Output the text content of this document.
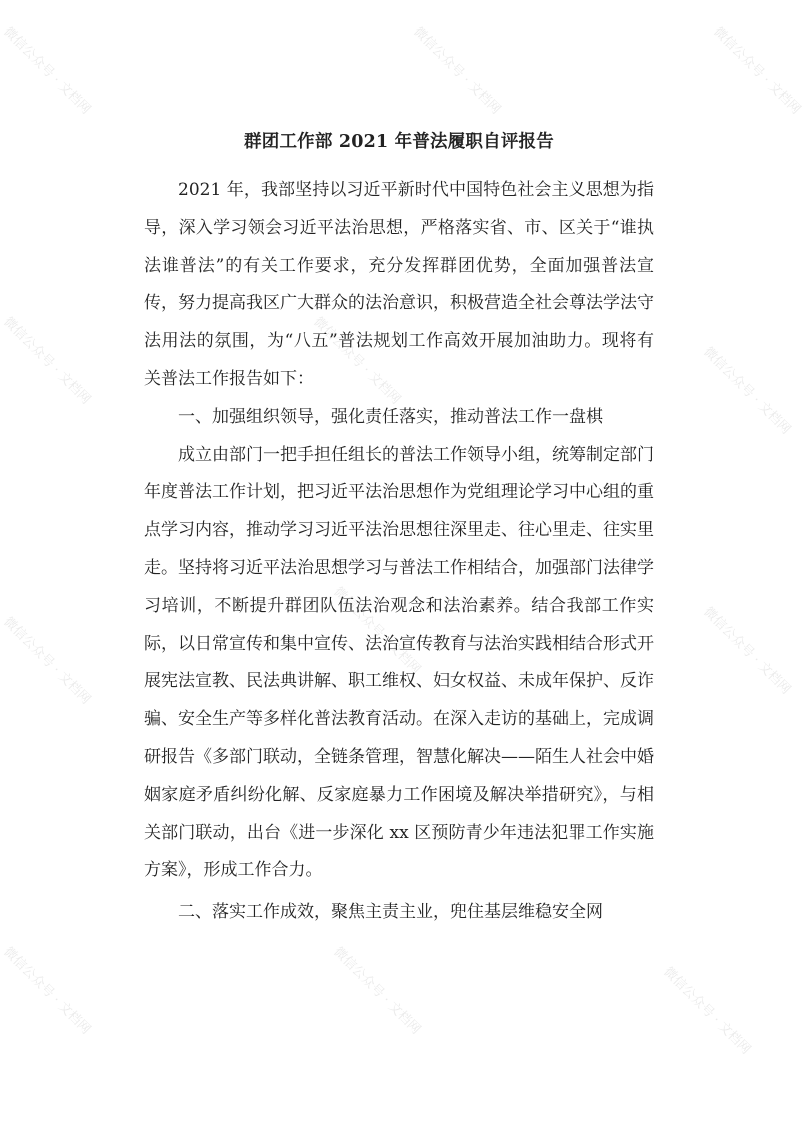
微信公众号 · 文档网	微信公众号 · 文档网	微信公众号 · 文档网
微信公众号 · 文档网	微信公众号 · 文档网	微信公众号 · 文档网
微信公众号 · 文档网	微信公众号 · 文档网	微信公众号 · 文档网
微信公众号 · 文档网	微信公众号 · 文档网	微信公众号 · 文档网
群团工作部 2021 年普法履职自评报告

2021 年，我部坚持以习近平新时代中国特色社会主义思想为指导，深入学习领会习近平法治思想，严格落实省、市、区关于“谁执法谁普法”的有关工作要求，充分发挥群团优势，全面加强普法宣传，努力提高我区广大群众的法治意识，积极营造全社会尊法学法守法用法的氛围，为“八五”普法规划工作高效开展加油助力。现将有关普法工作报告如下：

一、加强组织领导，强化责任落实，推动普法工作一盘棋

成立由部门一把手担任组长的普法工作领导小组，统筹制定部门年度普法工作计划，把习近平法治思想作为党组理论学习中心组的重点学习内容，推动学习习近平法治思想往深里走、往心里走、往实里走。坚持将习近平法治思想学习与普法工作相结合，加强部门法律学习培训，不断提升群团队伍法治观念和法治素养。结合我部工作实际，以日常宣传和集中宣传、法治宣传教育与法治实践相结合形式开展宪法宣教、民法典讲解、职工维权、妇女权益、未成年保护、反诈骗、安全生产等多样化普法教育活动。在深入走访的基础上，完成调研报告《多部门联动，全链条管理，智慧化解决——陌生人社会中婚姻家庭矛盾纠纷化解、反家庭暴力工作困境及解决举措研究》，与相关部门联动，出台《进一步深化 xx 区预防青少年违法犯罪工作实施方案》，形成工作合力。

二、落实工作成效，聚焦主责主业，兜住基层维稳安全网
